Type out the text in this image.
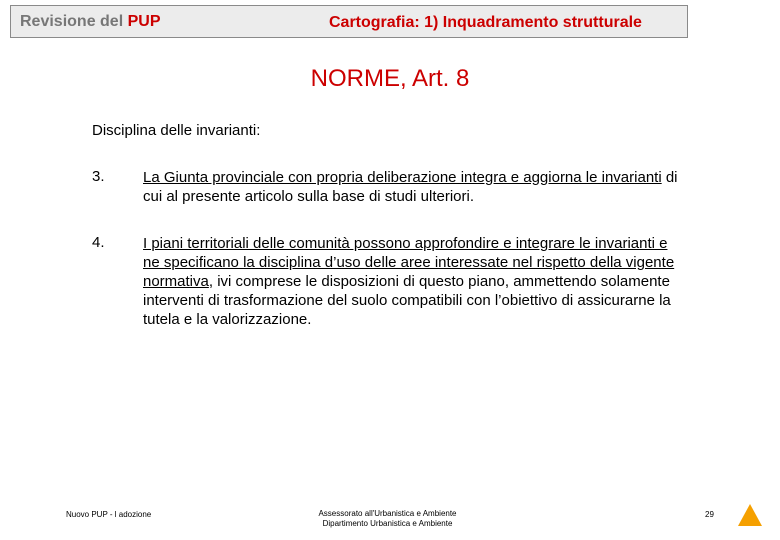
Revisione del PUP	Cartografia: 1) Inquadramento strutturale
NORME, Art. 8
Disciplina delle invarianti:
3.	La Giunta provinciale con propria deliberazione integra e aggiorna le invarianti di cui al presente articolo sulla base di studi ulteriori.
4.	I piani territoriali delle comunità possono approfondire e integrare le invarianti e ne specificano la disciplina d’uso delle aree interessate nel rispetto della vigente normativa, ivi comprese le disposizioni di questo piano, ammettendo solamente interventi di trasformazione del suolo compatibili con l’obiettivo di assicurarne la tutela e la valorizzazione.
Nuovo PUP - l adozione	Assessorato all'Urbanistica e Ambiente
Dipartimento Urbanistica e Ambiente
29
